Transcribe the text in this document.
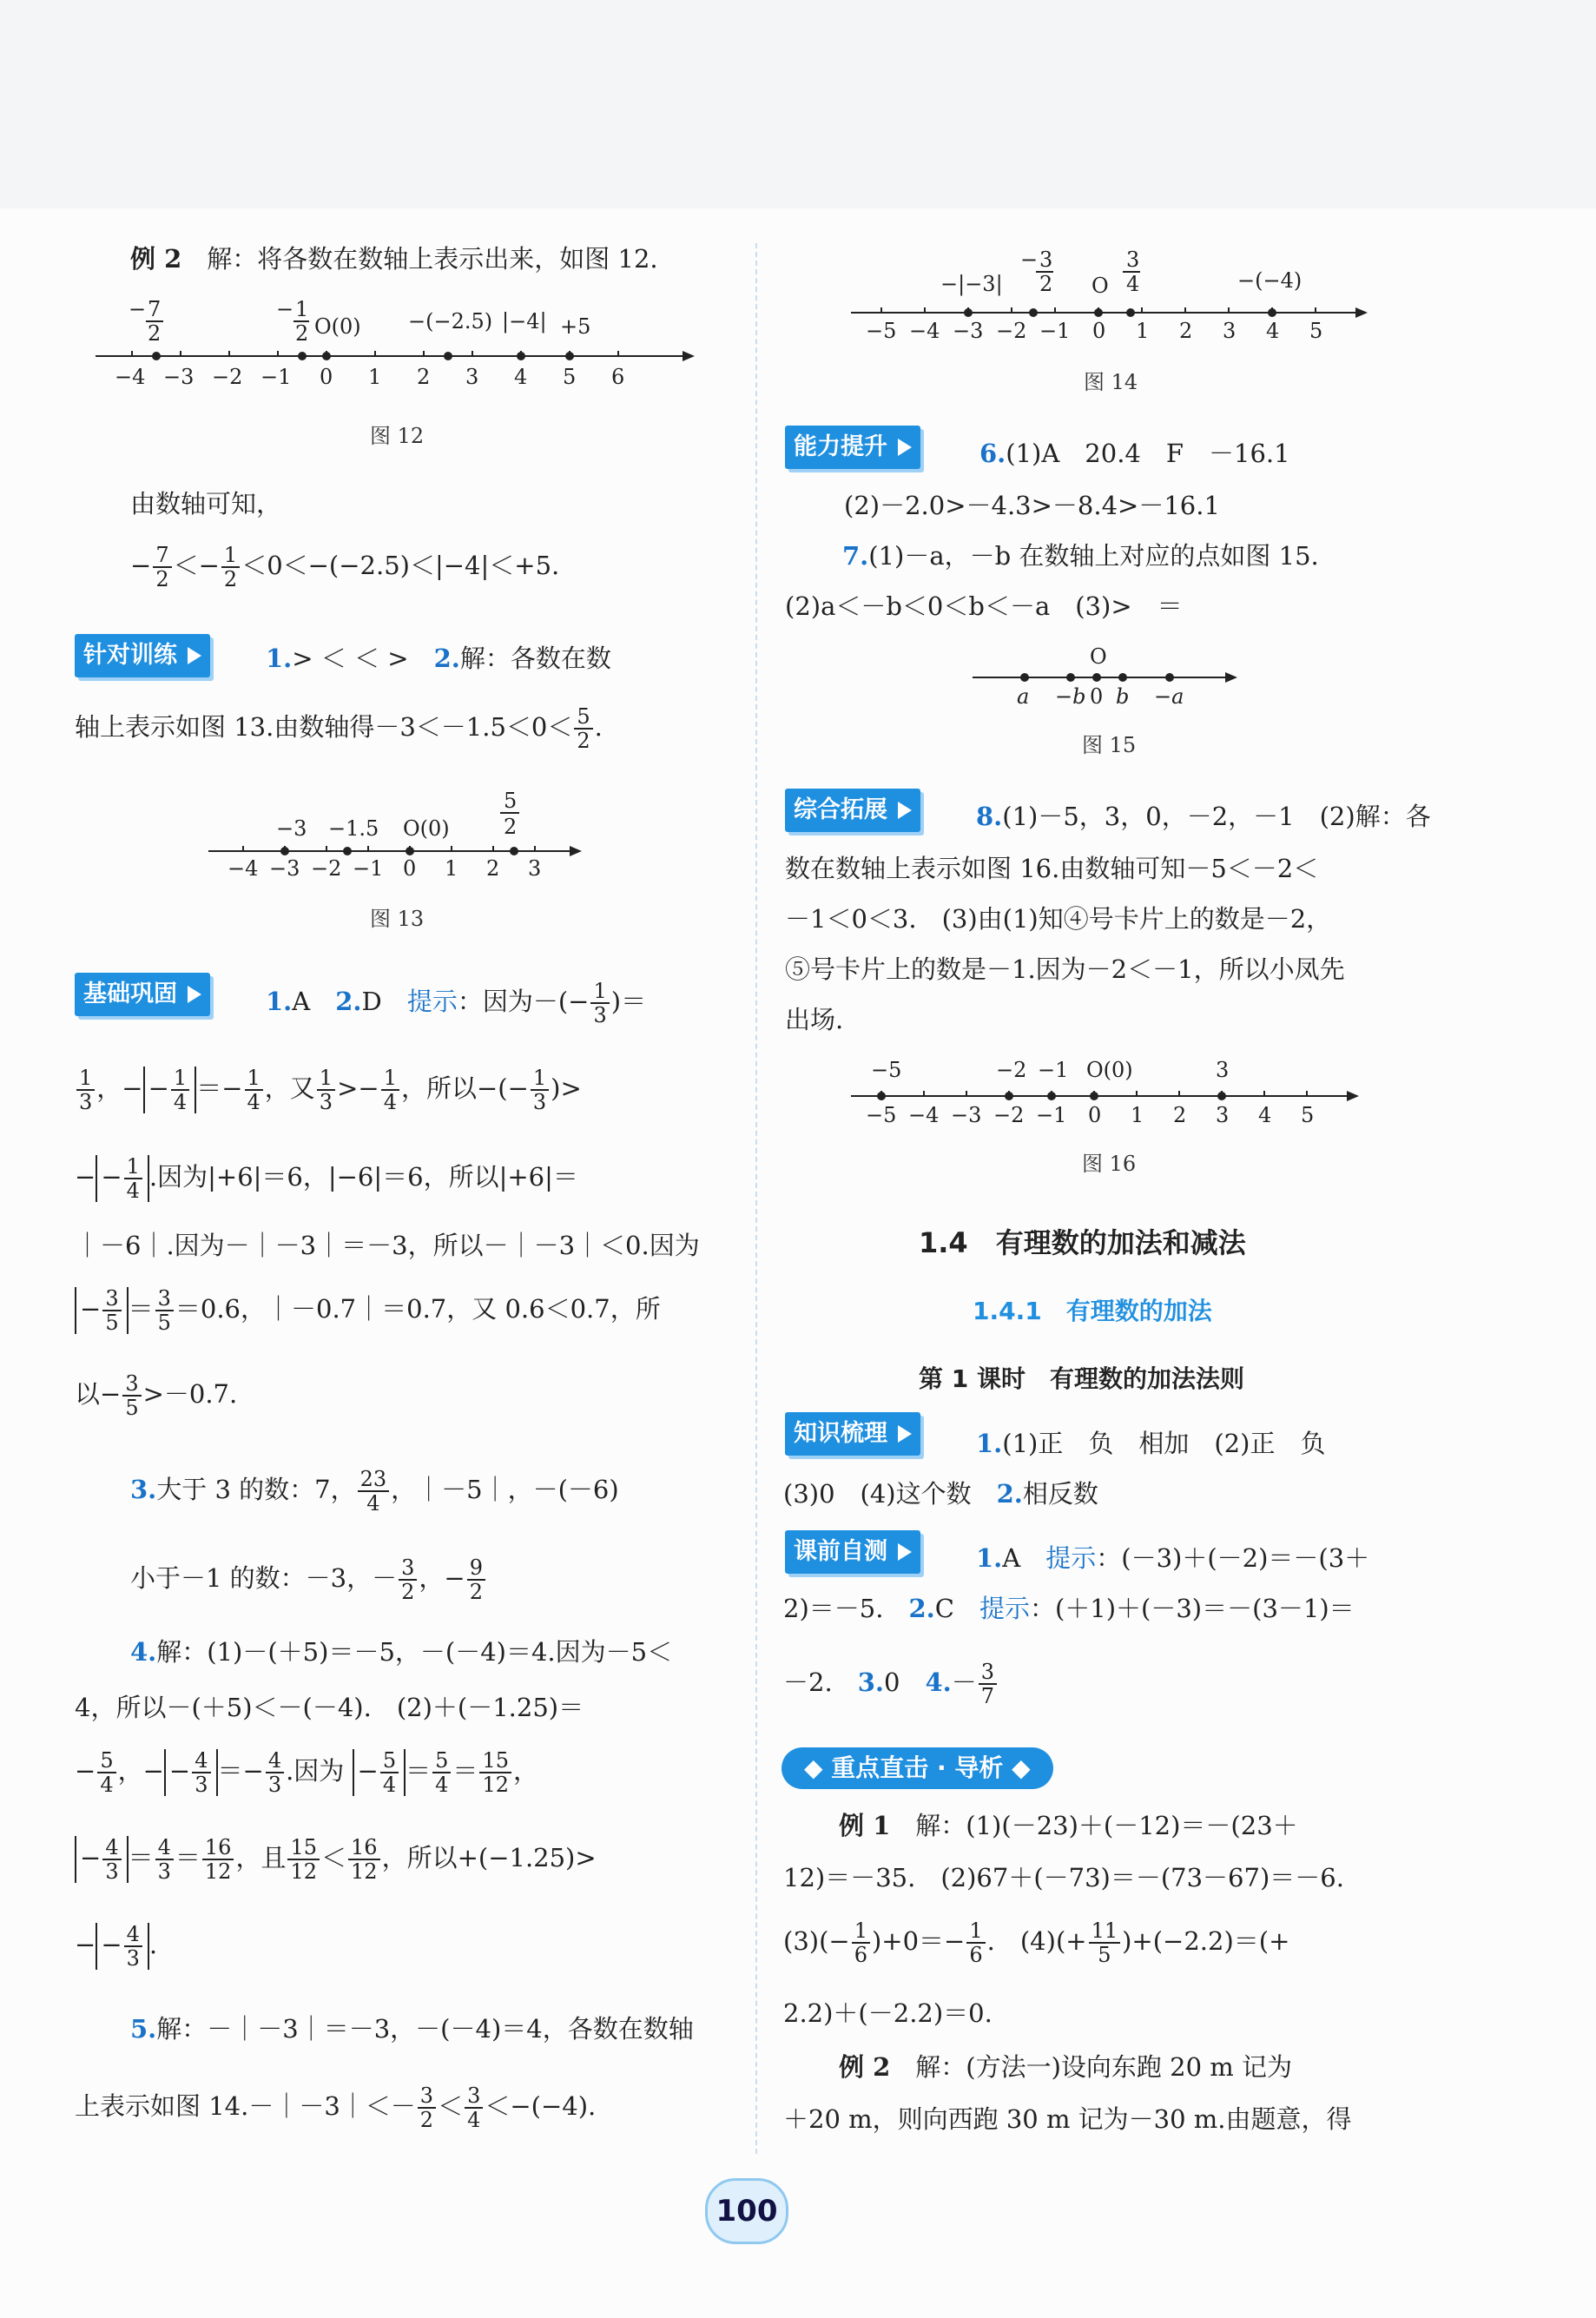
例 2　 解：将各数在数轴上表示出来，如图 12.
−4 −3 −2 −1 0 1 2 3 4 5 6
− 7
2
− 1
2 O(0) −(−2.5) |−4| +5
图 12
由数轴可知，
− $\frac{7}{2} <- \frac{1}{2} <0<-(-2.5)<|-4|<+5$.
针对训练	1.> ＜ ＜ >　 2.解：各数在数
轴上表示如图 13.由数轴得$-3<-1.5<0< \frac{5}{2}$ .
−4 −3 −2 −1 0 1 2 3
−3 −1.5 O(0)
5
2
图 13
基础巩固	1.A　 2.D　 提示：因为－(− $\frac{1}{3}$ )＝
$\frac{1}{3}$ ，− − $\frac{1}{4} =- \frac{1}{4}$ ，又 $\frac{1}{3} >- \frac{1}{4}$ ，所以−(− $\frac{1}{3}$ )>
− − $\frac{1}{4}$ .因为|+6|＝6，|−6|＝6，所以|+6|＝
｜－6｜.因为－｜－3｜＝－3，所以－｜－3｜＜0.因为
− $\frac{3}{5} = \frac{3}{5} =0.6$，｜－0.7｜＝0.7，又 0.6＜0.7，所
以− $\frac{3}{5} >-0.7$.
3.大于 3 的数：7， $\frac{23}{4}$ ，｜－5｜，－(－6)
小于－1 的数：－3，－ $\frac{3}{2}$ ，− $\frac{9}{2}$
4.解：(1)－(＋5)＝－5，－(－4)＝4.因为－5＜
4，所以－(＋5)＜－(－4).　(2)＋(－1.25)＝
− $\frac{5}{4}$ ，− − $\frac{4}{3} =- \frac{4}{3}$ .因为 − $\frac{5}{4} = \frac{5}{4} = \frac{15}{12}$ ，
− $\frac{4}{3} = \frac{4}{3} = \frac{16}{12}$ ，且 $\frac{15}{12} < \frac{16}{12}$ ，所以+(−1.25)>
− − $\frac{4}{3}$ .
5.解：－｜－3｜＝－3，－(－4)＝4，各数在数轴
上表示如图 14.－｜－3｜＜－ $\frac{3}{2} < \frac{3}{4} <-(-4)$.
−5 −4 −3 −2 −1 0 1 2 3 4 5
−|−3|
− 3
2 O
3
4	−(−4)
图 14
能力提升	6.(1)A　20.4　F　－16.1
(2)－2.0>－4.3>－8.4>－16.1
7.(1)－a，－b 在数轴上对应的点如图 15.
(2)a＜－b＜0＜b＜－a　(3)>　＝
O
a −b 0 b −a
图 15
综合拓展	8.(1)－5，3，0，－2，－1　(2)解：各
数在数轴上表示如图 16.由数轴可知－5＜－2＜
－1＜0＜3.　(3)由(1)知④号卡片上的数是－2，
⑤号卡片上的数是－1.因为－2＜－1，所以小凤先
出场.
−5 −4 −3 −2 −1 0 1 2 3 4 5
−5	−2 −1 O(0)	3
图 16
1.4　有理数的加法和减法
1.4.1　有理数的加法
第 1 课时　有理数的加法法则
知识梳理	1.(1)正　负　相加　(2)正　负
(3)0　(4)这个数　 2.相反数
课前自测	1.A　 提示：(－3)＋(－2)＝－(3＋
2)＝－5.　 2.C　 提示：(＋1)＋(－3)＝－(3－1)＝
－2.　 3.0　 $4.- \frac{3}{7}$
◆ 重点直击 · 导析 ◆
例 1　 解：(1)(－23)＋(－12)＝－(23＋
12)＝－35.　(2)67＋(－73)＝－(73－67)＝－6.
$(3)(- \frac{1}{6} )+0=- \frac{1}{6}$ .　$(4)(+ \frac{11}{5} )+(-2.2)=(+$
2.2)＋(－2.2)＝0.
例 2　 解：(方法一)设向东跑 20 m 记为
＋20 m，则向西跑 30 m 记为－30 m.由题意，得
100
